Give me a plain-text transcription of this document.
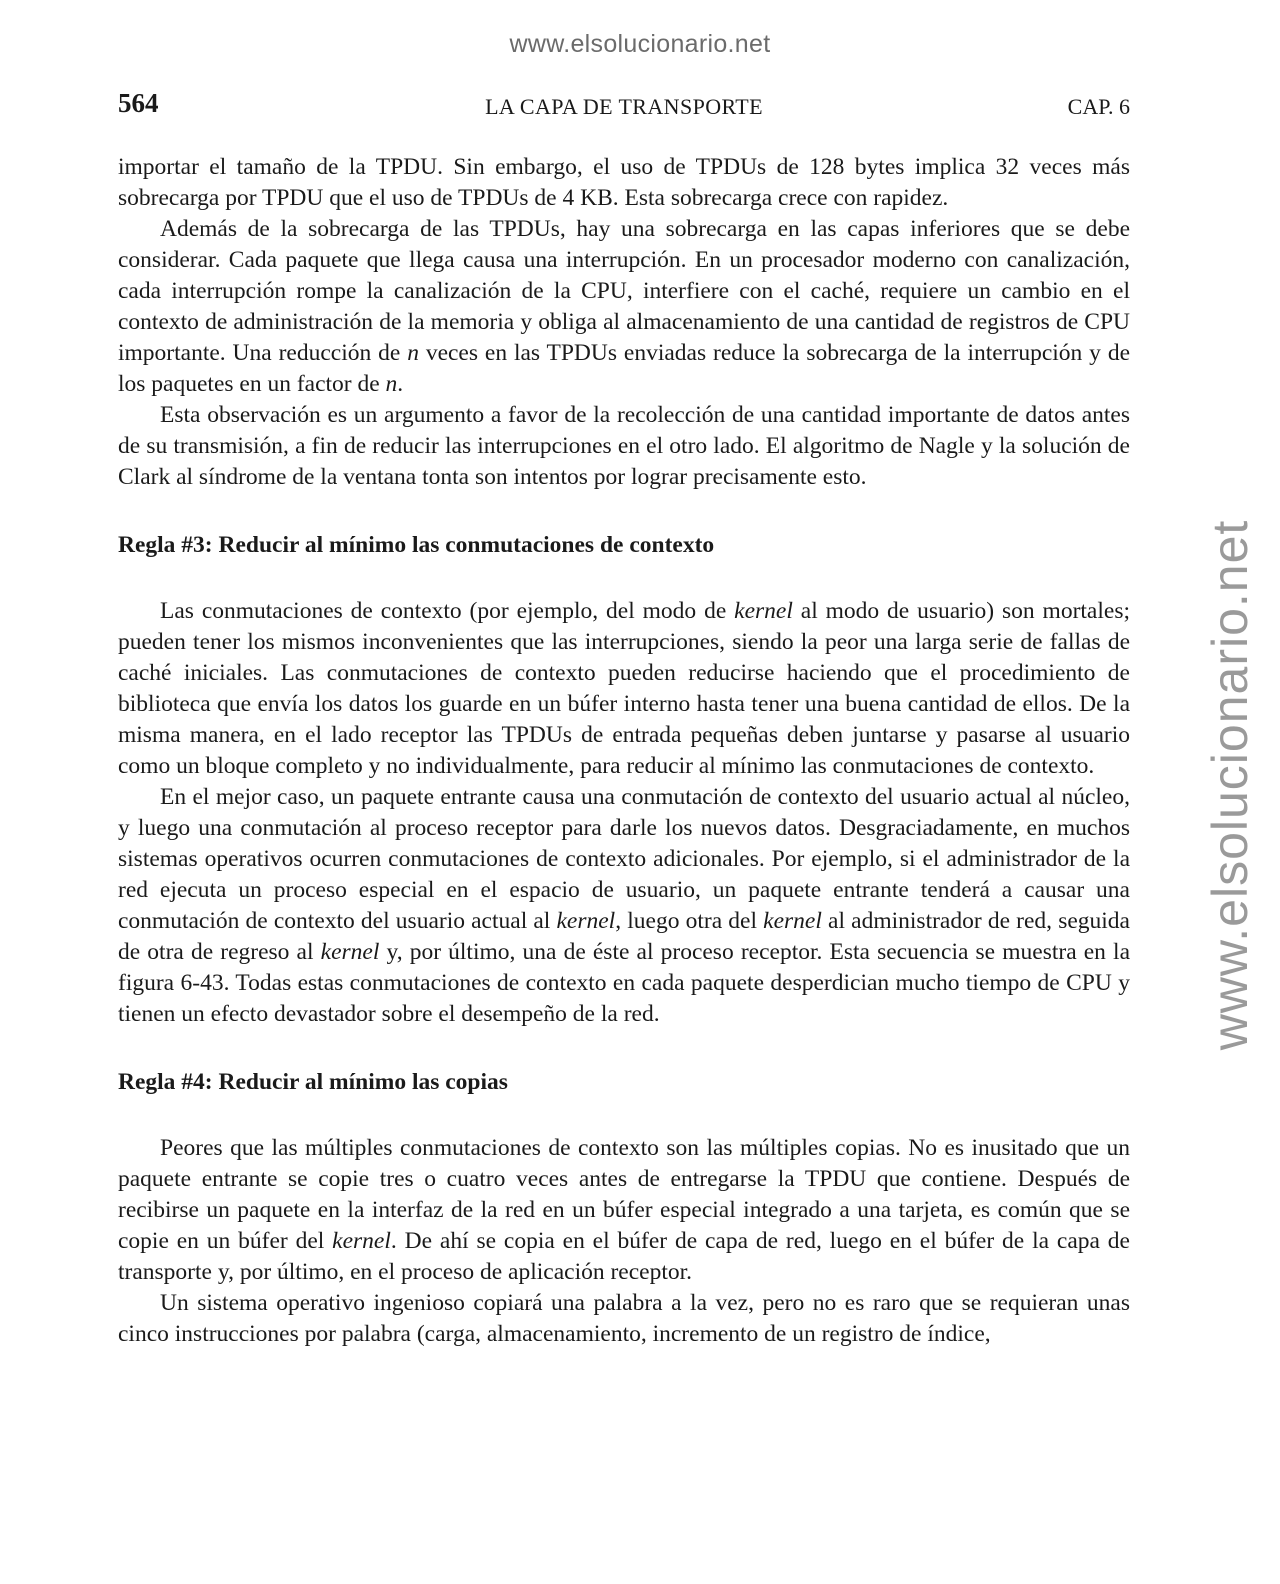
www.elsolucionario.net
www.elsolucionario.net
564	LA CAPA DE TRANSPORTE	CAP. 6

importar el tamaño de la TPDU. Sin embargo, el uso de TPDUs de 128 bytes implica 32 veces más sobrecarga por TPDU que el uso de TPDUs de 4 KB. Esta sobrecarga crece con rapidez.

Además de la sobrecarga de las TPDUs, hay una sobrecarga en las capas inferiores que se debe considerar. Cada paquete que llega causa una interrupción. En un procesador moderno con canalización, cada interrupción rompe la canalización de la CPU, interfiere con el caché, requiere un cambio en el contexto de administración de la memoria y obliga al almacenamiento de una cantidad de registros de CPU importante. Una reducción de n veces en las TPDUs enviadas reduce la sobrecarga de la interrupción y de los paquetes en un factor de n.

Esta observación es un argumento a favor de la recolección de una cantidad importante de datos antes de su transmisión, a fin de reducir las interrupciones en el otro lado. El algoritmo de Nagle y la solución de Clark al síndrome de la ventana tonta son intentos por lograr precisamente esto.

Regla #3: Reducir al mínimo las conmutaciones de contexto

Las conmutaciones de contexto (por ejemplo, del modo de kernel al modo de usuario) son mortales; pueden tener los mismos inconvenientes que las interrupciones, siendo la peor una larga serie de fallas de caché iniciales. Las conmutaciones de contexto pueden reducirse haciendo que el procedimiento de biblioteca que envía los datos los guarde en un búfer interno hasta tener una buena cantidad de ellos. De la misma manera, en el lado receptor las TPDUs de entrada pequeñas deben juntarse y pasarse al usuario como un bloque completo y no individualmente, para reducir al mínimo las conmutaciones de contexto.

En el mejor caso, un paquete entrante causa una conmutación de contexto del usuario actual al núcleo, y luego una conmutación al proceso receptor para darle los nuevos datos. Desgraciadamente, en muchos sistemas operativos ocurren conmutaciones de contexto adicionales. Por ejemplo, si el administrador de la red ejecuta un proceso especial en el espacio de usuario, un paquete entrante tenderá a causar una conmutación de contexto del usuario actual al kernel, luego otra del kernel al administrador de red, seguida de otra de regreso al kernel y, por último, una de éste al proceso receptor. Esta secuencia se muestra en la figura 6-43. Todas estas conmutaciones de contexto en cada paquete desperdician mucho tiempo de CPU y tienen un efecto devastador sobre el desempeño de la red.

Regla #4: Reducir al mínimo las copias

Peores que las múltiples conmutaciones de contexto son las múltiples copias. No es inusitado que un paquete entrante se copie tres o cuatro veces antes de entregarse la TPDU que contiene. Después de recibirse un paquete en la interfaz de la red en un búfer especial integrado a una tarjeta, es común que se copie en un búfer del kernel. De ahí se copia en el búfer de capa de red, luego en el búfer de la capa de transporte y, por último, en el proceso de aplicación receptor.

Un sistema operativo ingenioso copiará una palabra a la vez, pero no es raro que se requieran unas cinco instrucciones por palabra (carga, almacenamiento, incremento de un registro de índice,
